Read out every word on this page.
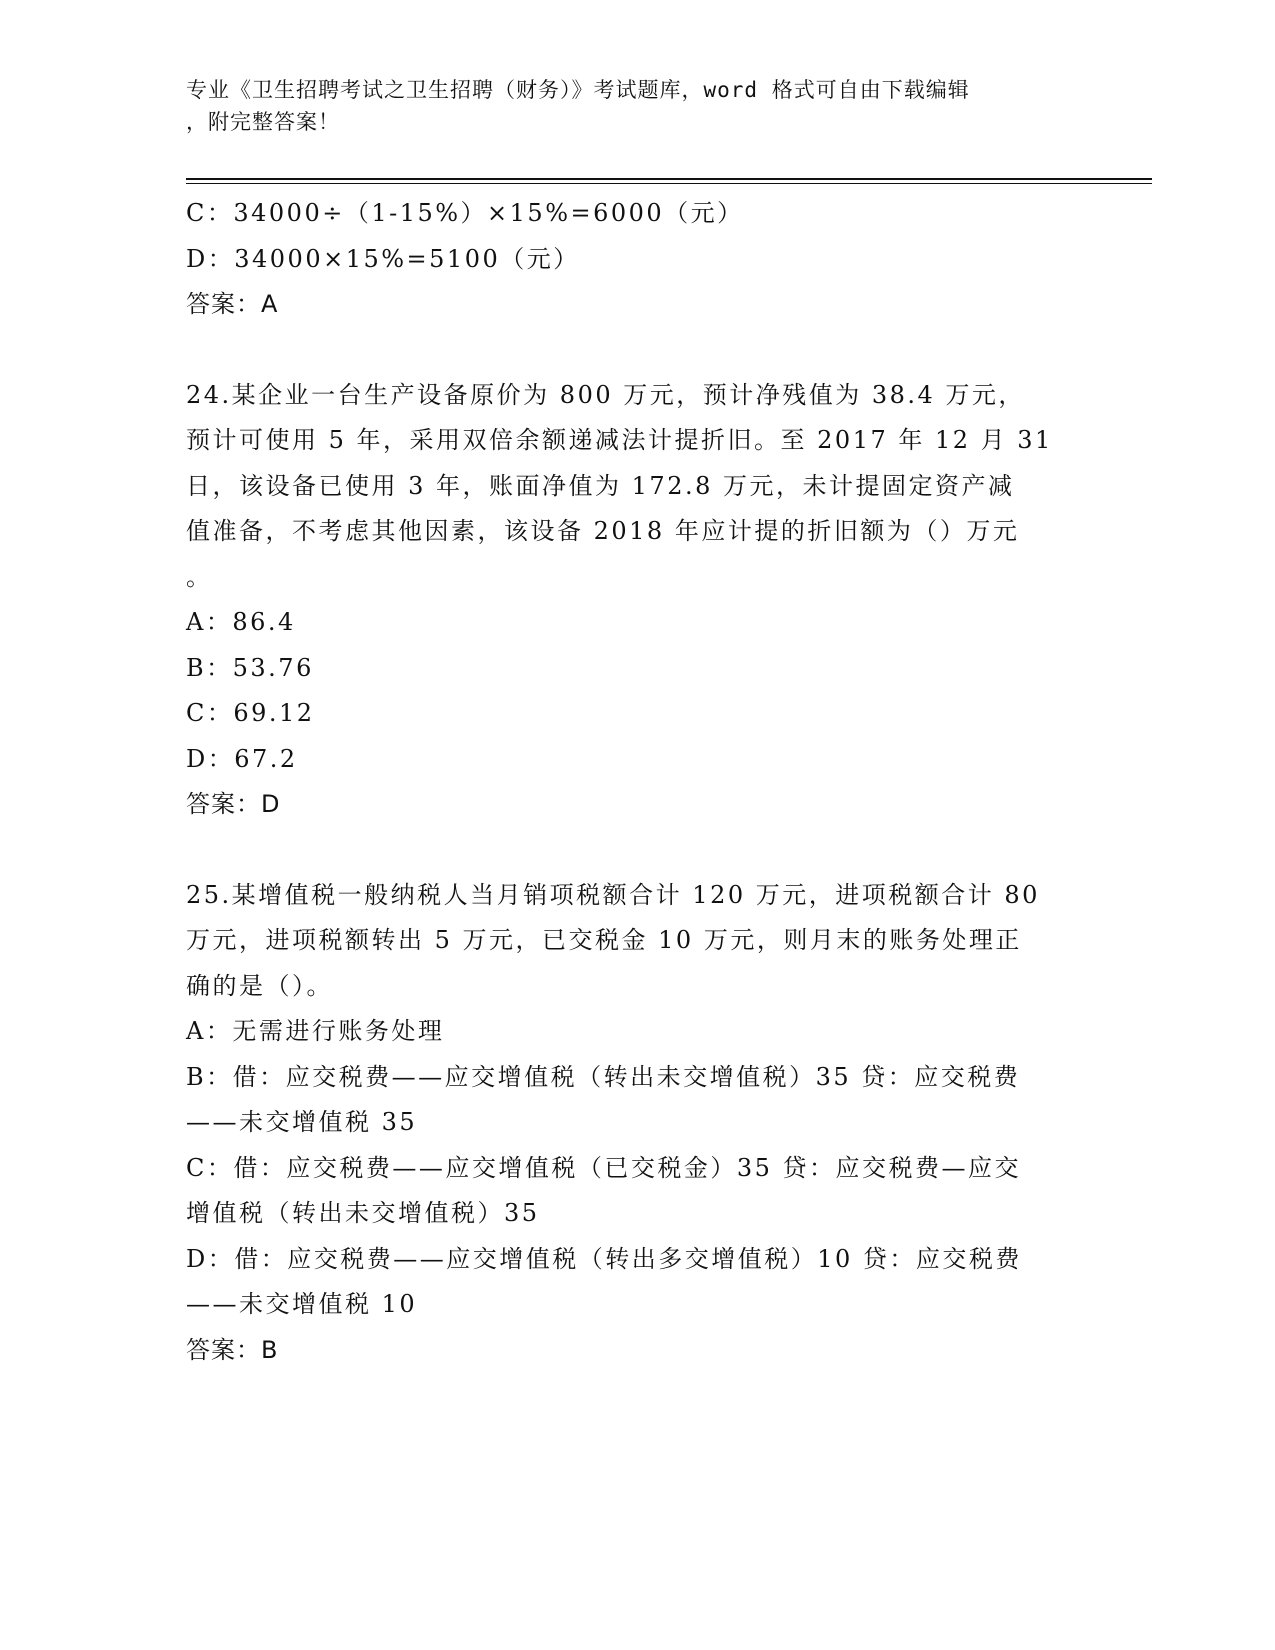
专业《卫生招聘考试之卫生招聘（财务）》考试题库，word 格式可自由下载编辑
，附完整答案！
C：34000÷（1-15%）×15%=6000（元）
D：34000×15%=5100（元）
答案：A
24.某企业一台生产设备原价为 800 万元，预计净残值为 38.4 万元，
预计可使用 5 年，采用双倍余额递减法计提折旧。至 2017 年 12 月 31
日，该设备已使用 3 年，账面净值为 172.8 万元，未计提固定资产减
值准备，不考虑其他因素，该设备 2018 年应计提的折旧额为（）万元
。
A：86.4
B：53.76
C：69.12
D：67.2
答案：D
25.某增值税一般纳税人当月销项税额合计 120 万元，进项税额合计 80
万元，进项税额转出 5 万元，已交税金 10 万元，则月末的账务处理正
确的是（）。
A：无需进行账务处理
B：借：应交税费——应交增值税（转出未交增值税）35 贷：应交税费
——未交增值税 35
C：借：应交税费——应交增值税（已交税金）35 贷：应交税费—应交
增值税（转出未交增值税）35
D：借：应交税费——应交增值税（转出多交增值税）10 贷：应交税费
——未交增值税 10
答案：B
